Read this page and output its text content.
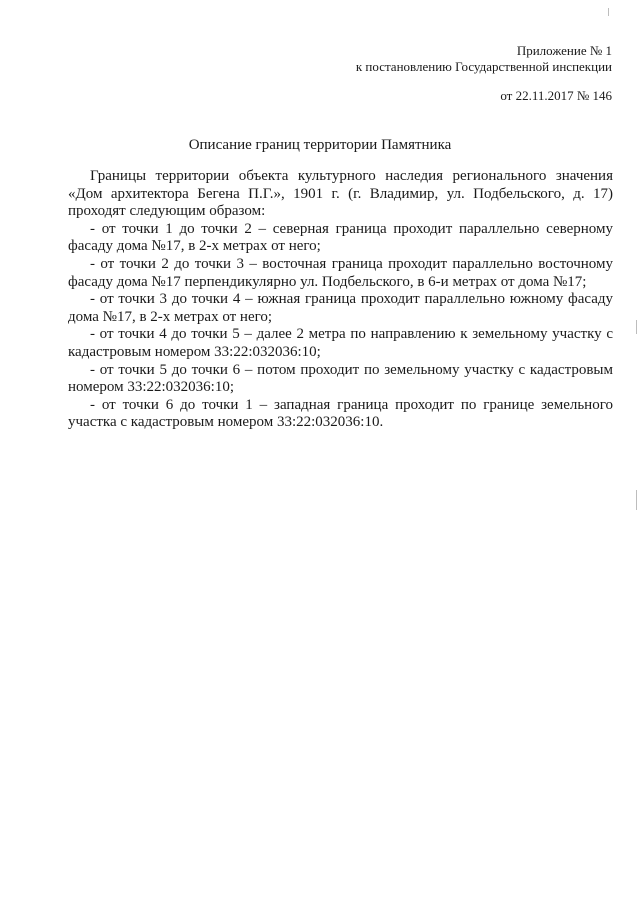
Приложение № 1
к постановлению Государственной инспекции
от 22.11.2017 № 146
Описание границ территории Памятника

Границы территории объекта культурного наследия регионального значения «Дом архитектора Бегена П.Г.», 1901 г. (г. Владимир, ул. Подбельского, д. 17) проходят следующим образом:

- от точки 1 до точки 2 – северная граница проходит параллельно северному фасаду дома №17, в 2-х метрах от него;

- от точки 2 до точки 3 – восточная граница проходит параллельно восточному фасаду дома №17 перпендикулярно ул. Подбельского, в 6-и метрах от дома №17;

- от точки 3 до точки 4 – южная граница проходит параллельно южному фасаду дома №17, в 2-х метрах от него;

- от точки 4 до точки 5 – далее 2 метра по направлению к земельному участку с кадастровым номером 33:22:032036:10;

- от точки 5 до точки 6 – потом проходит по земельному участку с кадастровым номером 33:22:032036:10;

- от точки 6 до точки 1 – западная граница проходит по границе земельного участка с кадастровым номером 33:22:032036:10.
